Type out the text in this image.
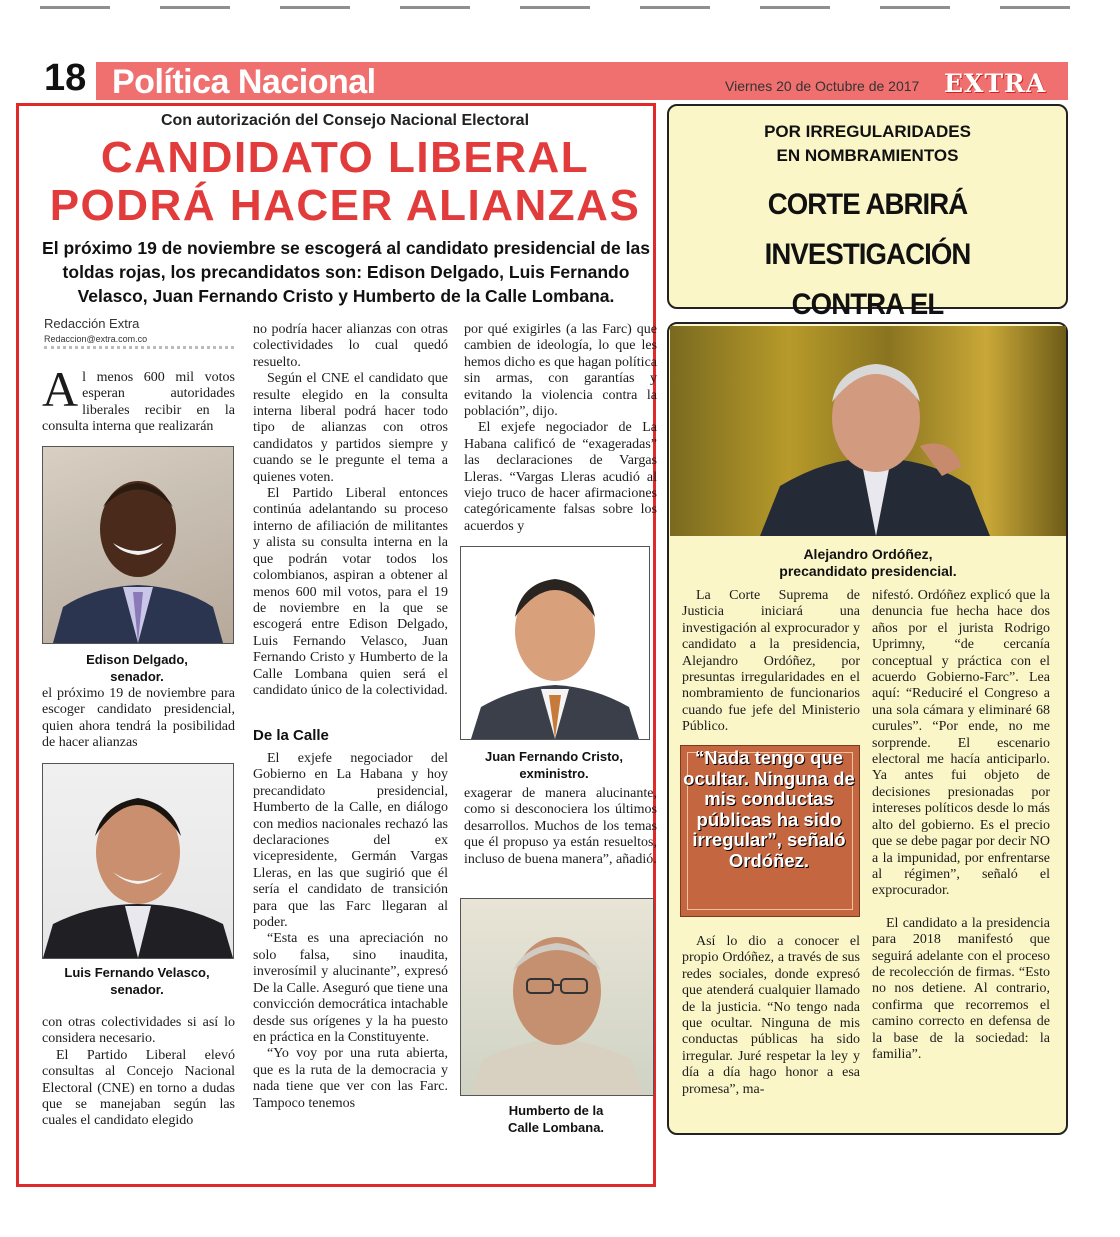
18 Política Nacional	Viernes 20 de Octubre de 2017 EXTRA
Con autorización del Consejo Nacional Electoral
CANDIDATO LIBERAL
PODRÁ HACER ALIANZAS
El próximo 19 de noviembre se escogerá al candidato presidencial de las toldas rojas, los precandidatos son: Edison Delgado, Luis Fernando Velasco, Juan Fernando Cristo y Humberto de la Calle Lombana.
Redacción Extra
Redaccion@extra.com.co

Al menos 600 mil votos esperan autoridades liberales recibir en la consulta interna que realizarán

Edison Delgado,
senador.

el próximo 19 de noviembre para escoger candidato presidencial, quien ahora tendrá la posibilidad de hacer alianzas

Luis Fernando Velasco,
senador.

con otras colectividades si así lo considera necesario.

El Partido Liberal elevó consultas al Concejo Nacional Electoral (CNE) en torno a dudas que se manejaban según las cuales el candidato elegido

no podría hacer alianzas con otras colectividades lo cual quedó resuelto.

Según el CNE el candidato que resulte elegido en la consulta interna liberal podrá hacer todo tipo de alianzas con otros candidatos y partidos siempre y cuando se le pregunte el tema a quienes voten.

El Partido Liberal entonces continúa adelantando su proceso interno de afiliación de militantes y alista su consulta interna en la que podrán votar todos los colombianos, aspiran a obtener al menos 600 mil votos, para el 19 de noviembre en la que se escogerá entre Edison Delgado, Luis Fernando Velasco, Juan Fernando Cristo y Humberto de la Calle Lombana quien será el candidato único de la colectividad.

De la Calle

El exjefe negociador del Gobierno en La Habana y hoy precandidato presidencial, Humberto de la Calle, en diálogo con medios nacionales rechazó las declaraciones del ex vicepresidente, Germán Vargas Lleras, en las que sugirió que él sería el candidato de transición para que las Farc llegaran al poder.

“Esta es una apreciación no solo falsa, sino inaudita, inverosímil y alucinante”, expresó De la Calle. Aseguró que tiene una convicción democrática intachable desde sus orígenes y la ha puesto en práctica en la Constituyente.

“Yo voy por una ruta abierta, que es la ruta de la democracia y nada tiene que ver con las Farc. Tampoco tenemos

por qué exigirles (a las Farc) que cambien de ideología, lo que les hemos dicho es que hagan política sin armas, con garantías y evitando la violencia contra la población”, dijo.

El exjefe negociador de La Habana calificó de “exageradas” las declaraciones de Vargas Lleras. “Vargas Lleras acudió al viejo truco de hacer afirmaciones categóricamente falsas sobre los acuerdos y

Juan Fernando Cristo,
exministro.

exagerar de manera alucinante, como si desconociera los últimos desarrollos. Muchos de los temas que él propuso ya están resueltos, incluso de buena manera”, añadió.

Humberto de la
Calle Lombana.
POR IRREGULARIDADES
EN NOMBRAMIENTOS
CORTE ABRIRÁ INVESTIGACIÓN
CONTRA EL
Alejandro Ordóñez,
precandidato presidencial.

La Corte Suprema de Justicia iniciará una investigación al exprocurador y candidato a la presidencia, Alejandro Ordóñez, por presuntas irregularidades en el nombramiento de funcionarios cuando fue jefe del Ministerio Público.

“Nada tengo que ocultar. Ninguna de mis conductas públicas ha sido irregular”, señaló Ordóñez.

Así lo dio a conocer el propio Ordóñez, a través de sus redes sociales, donde expresó que atenderá cualquier llamado de la justicia. “No tengo nada que ocultar. Ninguna de mis conductas públicas ha sido irregular. Juré respetar la ley y día a día hago honor a esa promesa”, ma-

nifestó. Ordóñez explicó que la denuncia fue hecha hace dos años por el jurista Rodrigo Uprimny, “de cercanía conceptual y práctica con el acuerdo Gobierno-Farc”. Lea aquí: “Reduciré el Congreso a una sola cámara y eliminaré 68 curules”. “Por ende, no me sorprende. El escenario electoral me hacía anticiparlo. Ya antes fui objeto de decisiones presionadas por intereses políticos desde lo más alto del gobierno. Es el precio que se debe pagar por decir NO a la impunidad, por enfrentarse al régimen”, señaló el exprocurador.

El candidato a la presidencia para 2018 manifestó que seguirá adelante con el proceso de recolección de firmas. “Esto no nos detiene. Al contrario, confirma que recorremos el camino correcto en defensa de la base de la sociedad: la familia”.
